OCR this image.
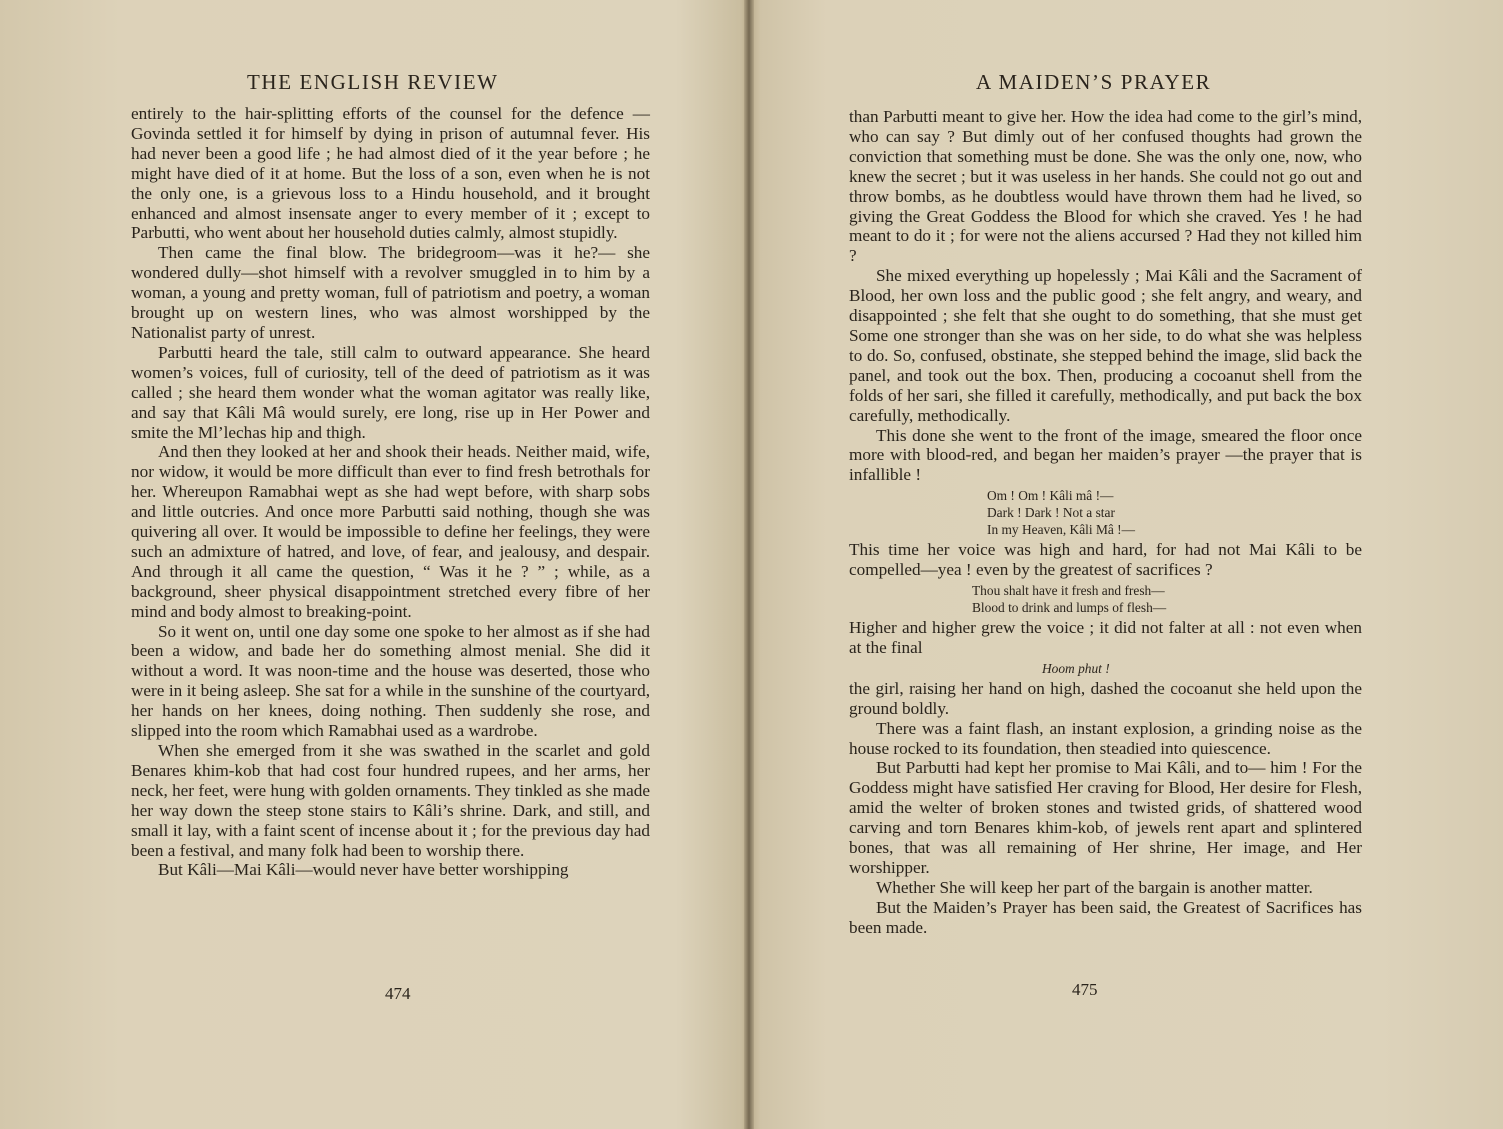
THE ENGLISH REVIEW

entirely to the hair-splitting efforts of the counsel for the defence —Govinda settled it for himself by dying in prison of autumnal fever. His had never been a good life ; he had almost died of it the year before ; he might have died of it at home. But the loss of a son, even when he is not the only one, is a grievous loss to a Hindu household, and it brought enhanced and almost insensate anger to every member of it ; except to Parbutti, who went about her household duties calmly, almost stupidly.

Then came the final blow. The bridegroom—was it he?— she wondered dully—shot himself with a revolver smuggled in to him by a woman, a young and pretty woman, full of patriotism and poetry, a woman brought up on western lines, who was almost worshipped by the Nationalist party of unrest.

Parbutti heard the tale, still calm to outward appearance. She heard women’s voices, full of curiosity, tell of the deed of patriotism as it was called ; she heard them wonder what the woman agitator was really like, and say that Kâli Mâ would surely, ere long, rise up in Her Power and smite the Ml’lechas hip and thigh.

And then they looked at her and shook their heads. Neither maid, wife, nor widow, it would be more difficult than ever to find fresh betrothals for her. Whereupon Ramabhai wept as she had wept before, with sharp sobs and little outcries. And once more Parbutti said nothing, though she was quivering all over. It would be impossible to define her feelings, they were such an admixture of hatred, and love, of fear, and jealousy, and despair. And through it all came the question, “ Was it he ? ” ; while, as a background, sheer physical disappointment stretched every fibre of her mind and body almost to breaking-point.

So it went on, until one day some one spoke to her almost as if she had been a widow, and bade her do something almost menial. She did it without a word. It was noon-time and the house was deserted, those who were in it being asleep. She sat for a while in the sunshine of the courtyard, her hands on her knees, doing nothing. Then suddenly she rose, and slipped into the room which Ramabhai used as a wardrobe.

When she emerged from it she was swathed in the scarlet and gold Benares khim-kob that had cost four hundred rupees, and her arms, her neck, her feet, were hung with golden ornaments. They tinkled as she made her way down the steep stone stairs to Kâli’s shrine. Dark, and still, and small it lay, with a faint scent of incense about it ; for the previous day had been a festival, and many folk had been to worship there.

But Kâli—Mai Kâli—would never have better worshipping

474
A MAIDEN’S PRAYER

than Parbutti meant to give her. How the idea had come to the girl’s mind, who can say ? But dimly out of her confused thoughts had grown the conviction that something must be done. She was the only one, now, who knew the secret ; but it was useless in her hands. She could not go out and throw bombs, as he doubtless would have thrown them had he lived, so giving the Great Goddess the Blood for which she craved. Yes ! he had meant to do it ; for were not the aliens accursed ? Had they not killed him ?

She mixed everything up hopelessly ; Mai Kâli and the Sacrament of Blood, her own loss and the public good ; she felt angry, and weary, and disappointed ; she felt that she ought to do something, that she must get Some one stronger than she was on her side, to do what she was helpless to do. So, confused, obstinate, she stepped behind the image, slid back the panel, and took out the box. Then, producing a cocoanut shell from the folds of her sari, she filled it carefully, methodically, and put back the box carefully, methodically.

This done she went to the front of the image, smeared the floor once more with blood-red, and began her maiden’s prayer —the prayer that is infallible !

Om ! Om ! Kâli mâ !—
Dark ! Dark ! Not a star
In my Heaven, Kâli Mâ !—

This time her voice was high and hard, for had not Mai Kâli to be compelled—yea ! even by the greatest of sacrifices ?

Thou shalt have it fresh and fresh—
Blood to drink and lumps of flesh—

Higher and higher grew the voice ; it did not falter at all : not even when at the final

Hoom phut !

the girl, raising her hand on high, dashed the cocoanut she held upon the ground boldly.

There was a faint flash, an instant explosion, a grinding noise as the house rocked to its foundation, then steadied into quiescence.

But Parbutti had kept her promise to Mai Kâli, and to— him ! For the Goddess might have satisfied Her craving for Blood, Her desire for Flesh, amid the welter of broken stones and twisted grids, of shattered wood carving and torn Benares khim-kob, of jewels rent apart and splintered bones, that was all remaining of Her shrine, Her image, and Her worshipper.

Whether She will keep her part of the bargain is another matter.

But the Maiden’s Prayer has been said, the Greatest of Sacrifices has been made.

475
